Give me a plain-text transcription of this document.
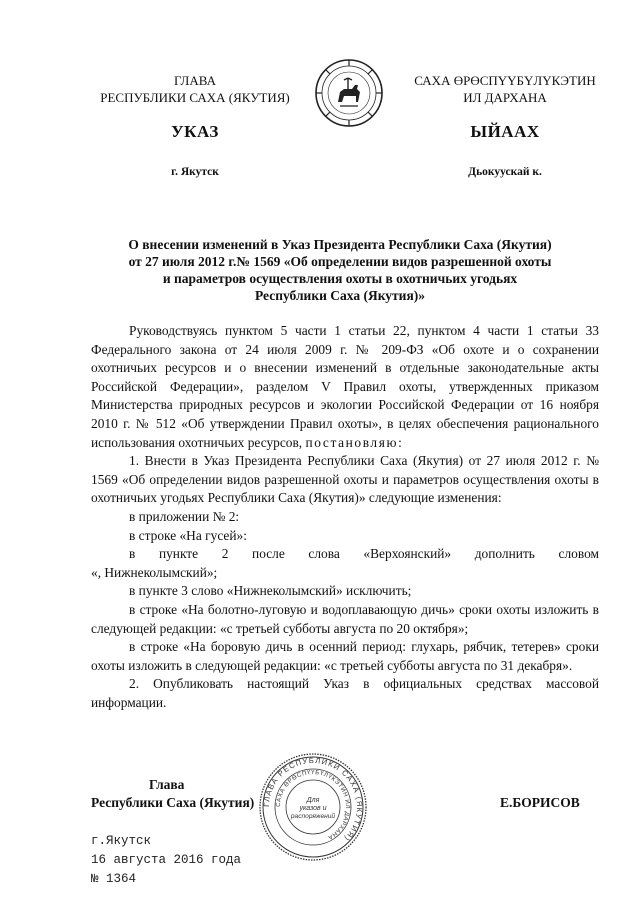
ГЛАВА
РЕСПУБЛИКИ САХА (ЯКУТИЯ)
САХА ӨРӨСПҮҮБҮЛҮКЭТИН
ИЛ ДАРХАНА
УКАЗ	ЫЙААХ
г. Якутск	Дьокуускай к.
О внесении изменений в Указ Президента Республики Саха (Якутия)
от 27 июля 2012 г.№ 1569 «Об определении видов разрешенной охоты
и параметров осуществления охоты в охотничьих угодьях
Республики Саха (Якутия)»
Руководствуясь пунктом 5 части 1 статьи 22, пунктом 4 части 1 статьи 33 Федерального закона от 24 июля 2009 г. № 209-ФЗ «Об охоте и о сохранении охотничьих ресурсов и о внесении изменений в отдельные законодательные акты Российской Федерации», разделом V Правил охоты, утвержденных приказом Министерства природных ресурсов и экологии Российской Федерации от 16 ноября 2010 г. № 512 «Об утверждении Правил охоты», в целях обеспечения рационального использования охотничьих ресурсов, постановляю:
1. Внести в Указ Президента Республики Саха (Якутия) от 27 июля 2012 г. № 1569 «Об определении видов разрешенной охоты и параметров осуществления охоты в охотничьих угодьях Республики Саха (Якутия)» следующие изменения:
в приложении № 2:
в строке «На гусей»:
в пункте 2 после слова «Верхоянский» дополнить словом
«, Нижнеколымский»;
в пункте 3 слово «Нижнеколымский» исключить;
в строке «На болотно-луговую и водоплавающую дичь» сроки охоты изложить в следующей редакции: «с третьей субботы августа по 20 октября»;
в строке «На боровую дичь в осенний период: глухарь, рябчик, тетерев» сроки охоты изложить в следующей редакции: «с третьей субботы августа по 31 декабря».
2. Опубликовать настоящий Указ в официальных средствах массовой информации.
ГЛАВА РЕСПУБЛИКИ САХА (ЯКУТИЯ)
САХА ӨРӨСПҮҮБҮЛҮКЭТИН ИЛ ДАРХАНА
Для
указов и
распоряжений
Глава
Республики Саха (Якутия)	Е.БОРИСОВ
г.Якутск
16 августа 2016 года
№ 1364
